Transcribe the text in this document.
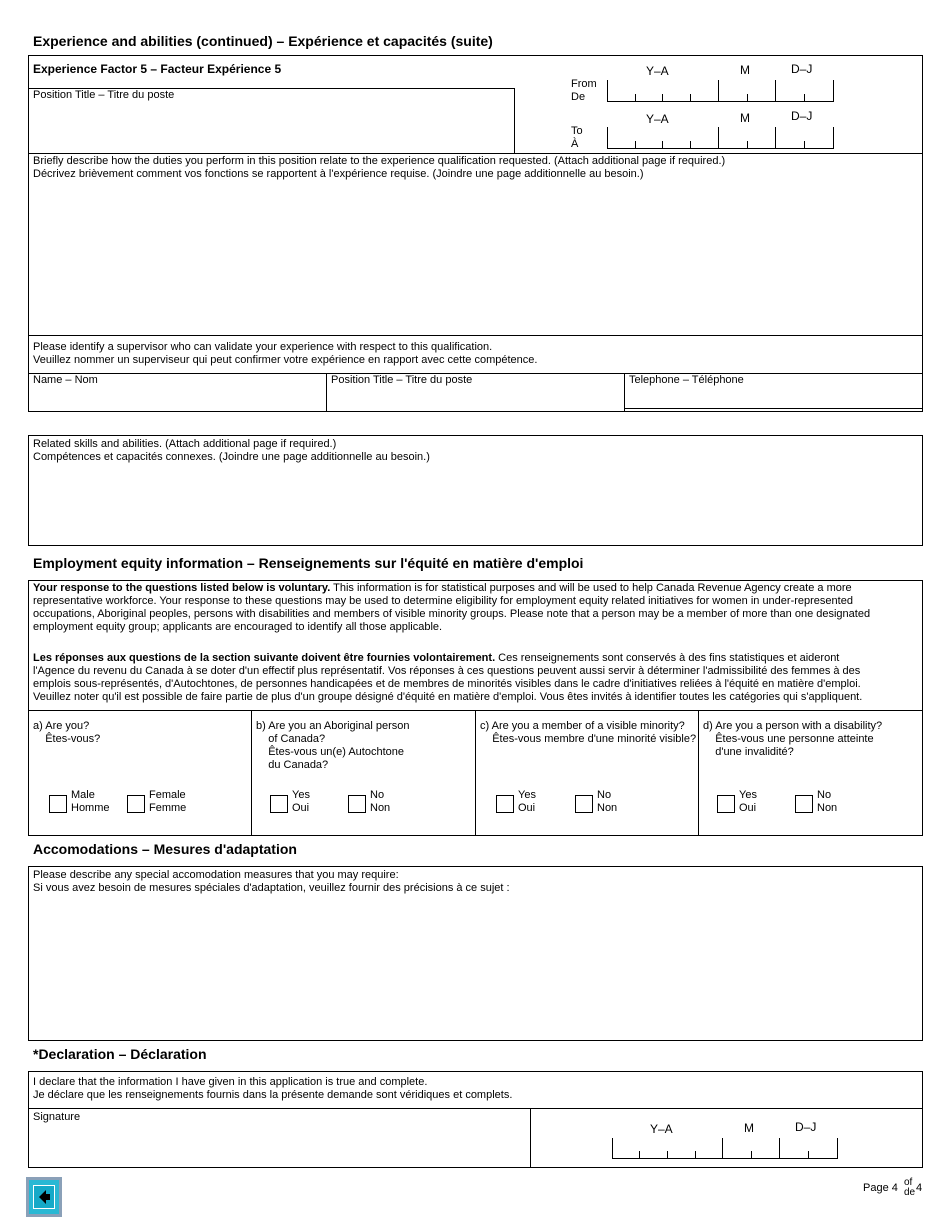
Experience and abilities (continued) – Expérience et capacités (suite)
Experience Factor 5 – Facteur Expérience 5
Position Title – Titre du poste
From
De
Y–A	M	D–J
To
À
Y–A	M	D–J
Briefly describe how the duties you perform in this position relate to the experience qualification requested. (Attach additional page if required.)
Décrivez brièvement comment vos fonctions se rapportent à l'expérience requise. (Joindre une page additionnelle au besoin.)
Please identify a supervisor who can validate your experience with respect to this qualification.
Veuillez nommer un superviseur qui peut confirmer votre expérience en rapport avec cette compétence.
Name – Nom	Position Title – Titre du poste	Telephone – Téléphone
Related skills and abilities. (Attach additional page if required.)
Compétences et capacités connexes. (Joindre une page additionnelle au besoin.)
Employment equity information – Renseignements sur l'équité en matière d'emploi
Your response to the questions listed below is voluntary. This information is for statistical purposes and will be used to help Canada Revenue Agency create a more representative workforce. Your response to these questions may be used to determine eligibility for employment equity related initiatives for women in under-represented occupations, Aboriginal peoples, persons with disabilities and members of visible minority groups. Please note that a person may be a member of more than one designated employment equity group; applicants are encouraged to identify all those applicable.
Les réponses aux questions de la section suivante doivent être fournies volontairement. Ces renseignements sont conservés à des fins statistiques et aideront l'Agence du revenu du Canada à se doter d'un effectif plus représentatif. Vos réponses à ces questions peuvent aussi servir à déterminer l'admissibilité des femmes à des emplois sous-représentés, d'Autochtones, de personnes handicapées et de membres de minorités visibles dans le cadre d'initiatives reliées à l'équité en matière d'emploi. Veuillez noter qu'il est possible de faire partie de plus d'un groupe désigné d'équité en matière d'emploi. Vous êtes invités à identifier toutes les catégories qui s'appliquent.
a) Are you?
Êtes-vous?
Male
Homme
Female
Femme
b) Are you an Aboriginal person
of Canada?
Êtes-vous un(e) Autochtone
du Canada?
Yes
Oui
No
Non
c) Are you a member of a visible minority?
Êtes-vous membre d'une minorité visible?
Yes
Oui
No
Non
d) Are you a person with a disability?
Êtes-vous une personne atteinte
d'une invalidité?
Yes
Oui
No
Non
Accomodations – Mesures d'adaptation
Please describe any special accomodation measures that you may require:
Si vous avez besoin de mesures spéciales d'adaptation, veuillez fournir des précisions à ce sujet :
*Declaration – Déclaration
I declare that the information I have given in this application is true and complete.
Je déclare que les renseignements fournis dans la présente demande sont véridiques et complets.
Signature
Y–A	M	D–J
Page 4 of
de 4
